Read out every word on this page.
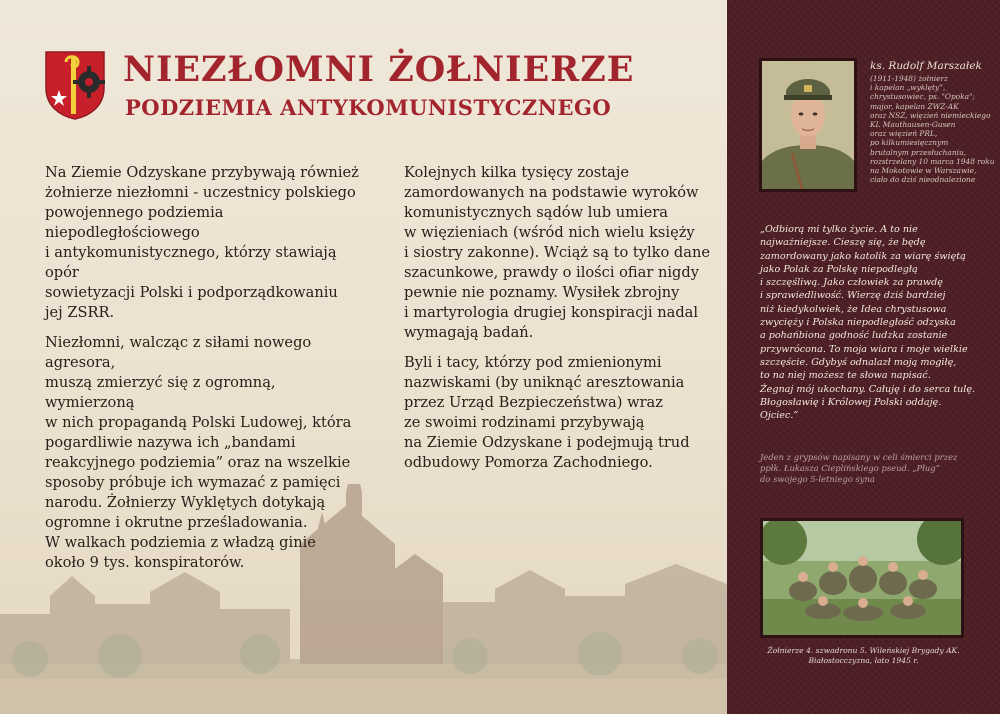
NIEZŁOMNI ŻOŁNIERZE
PODZIEMIA ANTYKOMUNISTYCZNEGO

Na Ziemie Odzyskane przybywają również
żołnierze niezłomni - uczestnicy polskiego
powojennego podziemia niepodległościowego
i antykomunistycznego, którzy stawiają opór
sowietyzacji Polski i podporządkowaniu
jej ZSRR.

Niezłomni, walcząc z siłami nowego agresora,
muszą zmierzyć się z ogromną, wymierzoną
w nich propagandą Polski Ludowej, która
pogardliwie nazywa ich „bandami
reakcyjnego podziemia” oraz na wszelkie
sposoby próbuje ich wymazać z pamięci
narodu. Żołnierzy Wyklętych dotykają
ogromne i okrutne prześladowania.
W walkach podziemia z władzą ginie
około 9 tys. konspiratorów.

Kolejnych kilka tysięcy zostaje
zamordowanych na podstawie wyroków
komunistycznych sądów lub umiera
w więzieniach (wśród nich wielu księży
i siostry zakonne). Wciąż są to tylko dane
szacunkowe, prawdy o ilości ofiar nigdy
pewnie nie poznamy. Wysiłek zbrojny
i martyrologia drugiej konspiracji nadal
wymagają badań.

Byli i tacy, którzy pod zmienionymi
nazwiskami (by uniknąć aresztowania
przez Urząd Bezpieczeństwa) wraz
ze swoimi rodzinami przybywają
na Ziemie Odzyskane i podejmują trud
odbudowy Pomorza Zachodniego.

ks. Rudolf Marszałek

(1911-1948) żołnierz
i kapelan „wyklęty”,
chrystusowiec, ps. "Opoka";
major, kapelan ZWZ-AK
oraz NSZ, więzień niemieckiego
KL Mauthausen-Gusen
oraz więzień PRL,
po kilkumiesięcznym
brutalnym przesłuchaniu,
rozstrzelany 10 marca 1948 roku
na Mokotowie w Warszawie,
ciało do dziś nieodnalezione

„Odbiorą mi tylko życie. A to nie
najważniejsze. Cieszę się, że będę
zamordowany jako katolik za wiarę świętą
jako Polak za Polskę niepodległą
i szczęśliwą. Jako człowiek za prawdę
i sprawiedliwość. Wierzę dziś bardziej
niż kiedykolwiek, że Idea chrystusowa
zwycięży i Polska niepodległość odzyska
a pohańbiona godność ludzka zostanie
przywrócona. To moja wiara i moje wielkie
szczęście. Gdybyś odnalazł moją mogiłę,
to na niej możesz te słowa napisać.
Żegnaj mój ukochany. Całuję i do serca tulę.
Błogosławię i Królowej Polski oddaję.
Ojciec.”

Jeden z grypsów napisany w celi śmierci przez
ppłk. Łukasza Cieplińskiego pseud. „Pług”
do swojego 5-letniego syna

Żołnierze 4. szwadronu 5. Wileńskiej Brygady AK.
Białostocczyzna, lato 1945 r.
